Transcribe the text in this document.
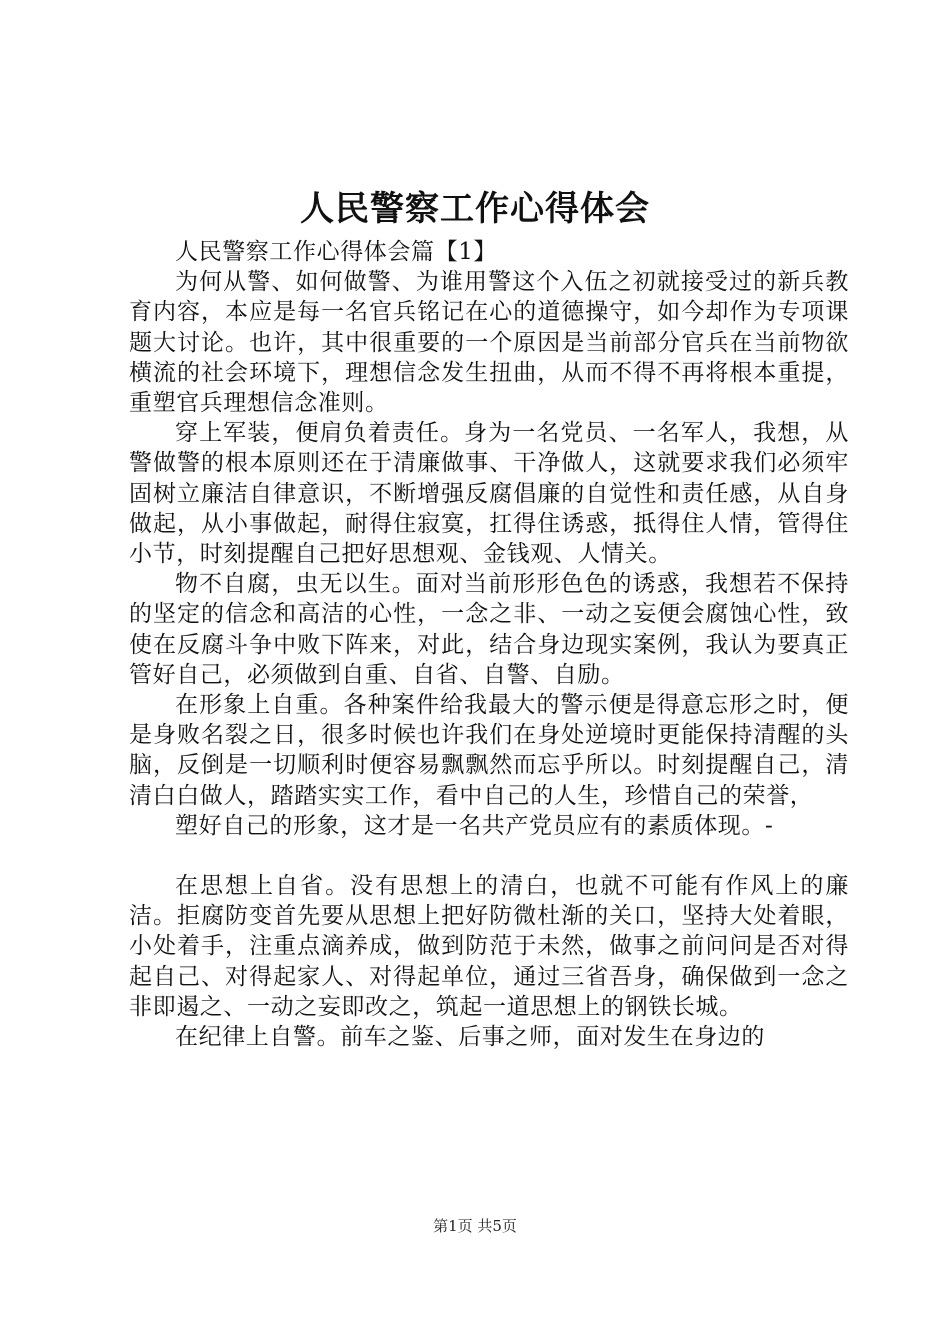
人民警察工作心得体会

人民警察工作心得体会篇【1】

为何从警、如何做警、为谁用警这个入伍之初就接受过的新兵教育内容，本应是每一名官兵铭记在心的道德操守，如今却作为专项课题大讨论。也许，其中很重要的一个原因是当前部分官兵在当前物欲横流的社会环境下，理想信念发生扭曲，从而不得不再将根本重提，重塑官兵理想信念准则。

穿上军装，便肩负着责任。身为一名党员、一名军人，我想，从警做警的根本原则还在于清廉做事、干净做人，这就要求我们必须牢固树立廉洁自律意识，不断增强反腐倡廉的自觉性和责任感，从自身做起，从小事做起，耐得住寂寞，扛得住诱惑，抵得住人情，管得住小节，时刻提醒自己把好思想观、金钱观、人情关。

物不自腐，虫无以生。面对当前形形色色的诱惑，我想若不保持的坚定的信念和高洁的心性，一念之非、一动之妄便会腐蚀心性，致使在反腐斗争中败下阵来，对此，结合身边现实案例，我认为要真正管好自己，必须做到自重、自省、自警、自励。

在形象上自重。各种案件给我最大的警示便是得意忘形之时，便是身败名裂之日，很多时候也许我们在身处逆境时更能保持清醒的头脑，反倒是一切顺利时便容易飘飘然而忘乎所以。时刻提醒自己，清清白白做人，踏踏实实工作，看中自己的人生，珍惜自己的荣誉，

塑好自己的形象，这才是一名共产党员应有的素质体现。-

在思想上自省。没有思想上的清白，也就不可能有作风上的廉洁。拒腐防变首先要从思想上把好防微杜渐的关口，坚持大处着眼，小处着手，注重点滴养成，做到防范于未然，做事之前问问是否对得起自己、对得起家人、对得起单位，通过三省吾身，确保做到一念之非即遏之、一动之妄即改之，筑起一道思想上的钢铁长城。

在纪律上自警。前车之鉴、后事之师，面对发生在身边的

第1页 共5页
